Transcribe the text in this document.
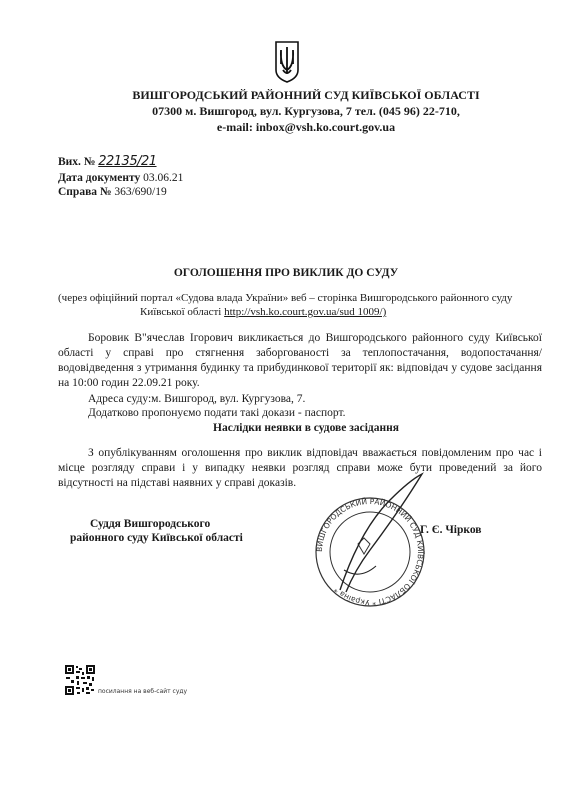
ВИШГОРОДСЬКИЙ РАЙОННИЙ СУД КИЇВСЬКОЇ ОБЛАСТІ
07300 м. Вишгород, вул. Кургузова, 7 тел. (045 96) 22-710,
e-mail: inbox@vsh.ko.court.gov.ua
Вих. № 22135/21
Дата документу 03.06.21
Справа № 363/690/19
ОГОЛОШЕННЯ ПРО ВИКЛИК ДО СУДУ
(через офіційний портал «Судова влада України» веб – сторінка Вишгородського районного суду
Київської області http://vsh.ko.court.gov.ua/sud 1009/)
Боровик В"ячеслав Ігорович викликається до Вишгородського районного суду Київської області у справі про стягнення заборгованості за теплопостачання, водопостачання/водовідведення з утримання будинку та прибудинкової території як: відповідач у судове засідання на 10:00 годин 22.09.21 року.
Адреса суду:м. Вишгород, вул. Кургузова, 7.
Додатково пропонуємо подати такі докази - паспорт.
Наслідки неявки в судове засідання
З опублікуванням оголошення про виклик відповідач вважається повідомленим про час і місце розгляду справи і у випадку неявки розгляд справи може бути проведений за його відсутності на підставі наявних у справі доказів.
Суддя Вишгородського
районного суду Київської області
Г. Є. Чірков
ВИШГОРОДСЬКИЙ РАЙОННИЙ СУД КИЇВСЬКОЇ ОБЛАСТІ * Україна *
посилання на веб-сайт суду
